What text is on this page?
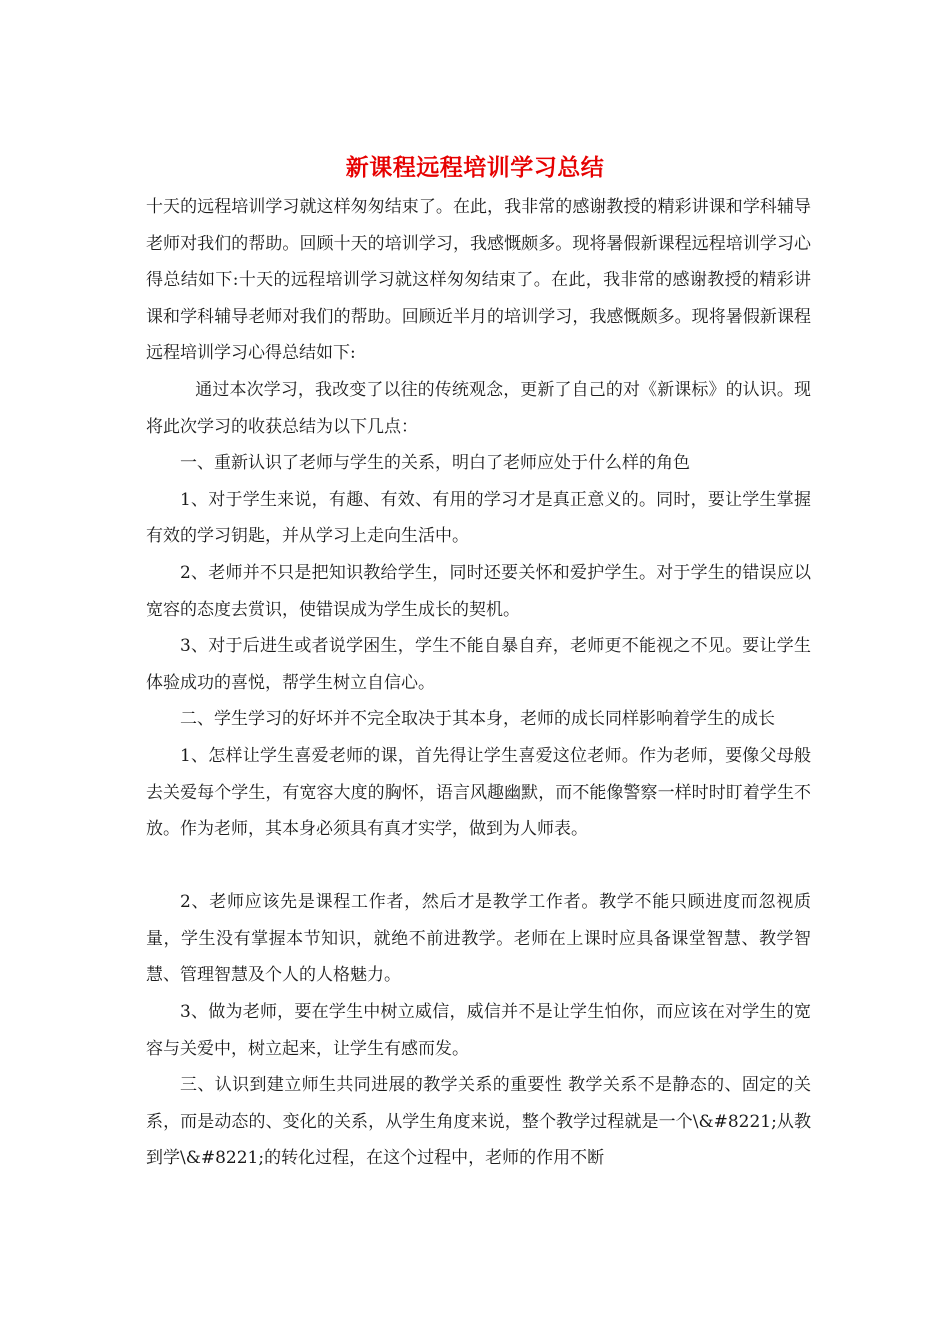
新课程远程培训学习总结

十天的远程培训学习就这样匆匆结束了。在此，我非常的感谢教授的精彩讲课和学科辅导老师对我们的帮助。回顾十天的培训学习，我感慨颇多。现将暑假新课程远程培训学习心得总结如下:十天的远程培训学习就这样匆匆结束了。在此，我非常的感谢教授的精彩讲课和学科辅导老师对我们的帮助。回顾近半月的培训学习，我感慨颇多。现将暑假新课程远程培训学习心得总结如下:

通过本次学习，我改变了以往的传统观念，更新了自己的对《新课标》的认识。现将此次学习的收获总结为以下几点：

一、重新认识了老师与学生的关系，明白了老师应处于什么样的角色

1、对于学生来说，有趣、有效、有用的学习才是真正意义的。同时，要让学生掌握有效的学习钥匙，并从学习上走向生活中。

2、老师并不只是把知识教给学生，同时还要关怀和爱护学生。对于学生的错误应以宽容的态度去赏识，使错误成为学生成长的契机。

3、对于后进生或者说学困生，学生不能自暴自弃，老师更不能视之不见。要让学生体验成功的喜悦，帮学生树立自信心。

二、学生学习的好坏并不完全取决于其本身，老师的成长同样影响着学生的成长

1、怎样让学生喜爱老师的课，首先得让学生喜爱这位老师。作为老师，要像父母般去关爱每个学生，有宽容大度的胸怀，语言风趣幽默，而不能像警察一样时时盯着学生不放。作为老师，其本身必须具有真才实学，做到为人师表。

2、老师应该先是课程工作者，然后才是教学工作者。教学不能只顾进度而忽视质量，学生没有掌握本节知识，就绝不前进教学。老师在上课时应具备课堂智慧、教学智慧、管理智慧及个人的人格魅力。

3、做为老师，要在学生中树立威信，威信并不是让学生怕你，而应该在对学生的宽容与关爱中，树立起来，让学生有感而发。

三、认识到建立师生共同进展的教学关系的重要性 教学关系不是静态的、固定的关系，而是动态的、变化的关系，从学生角度来说，整个教学过程就是一个\&#8221;从教到学\&#8221;的转化过程，在这个过程中，老师的作用不断
